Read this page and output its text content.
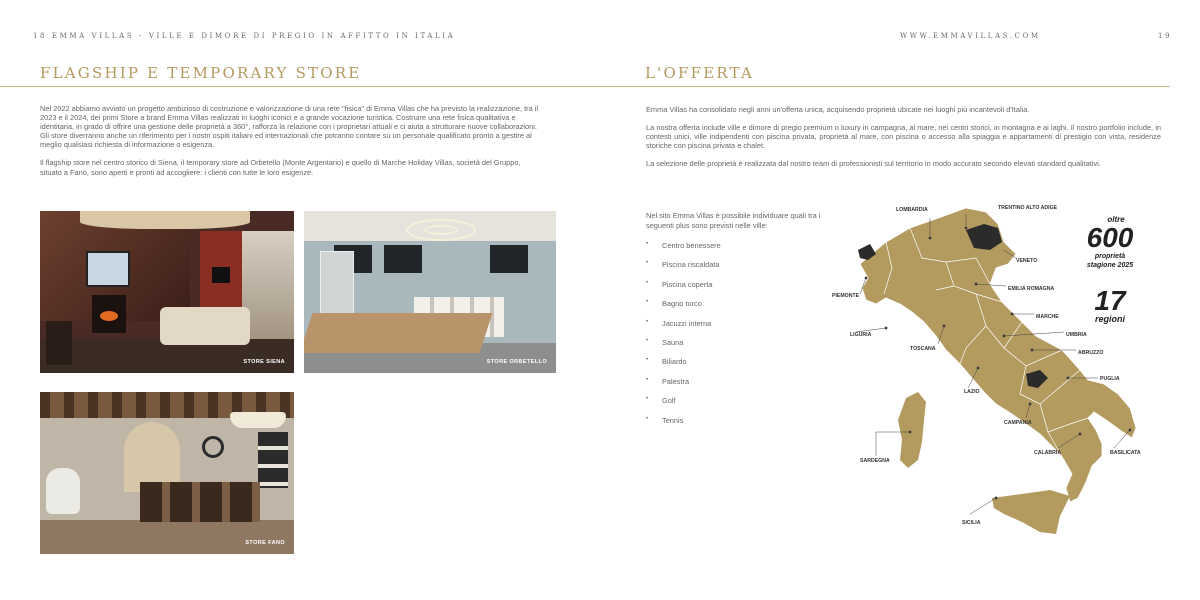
18 EMMA VILLAS - VILLE E DIMORE DI PREGIO IN AFFITTO IN ITALIA
FLAGSHIP E TEMPORARY STORE

Nel 2022 abbiamo avviato un progetto ambizioso di costruzione e valorizzazione di una rete "fisica" di Emma Villas che ha previsto la realizzazione, tra il 2023 e il 2024, dei primi Store a brand Emma Villas realizzati in luoghi iconici e a grande vocazione turistica. Costruire una rete fisica qualitativa e identitaria, in grado di offrire una gestione delle proprietà a 360°, rafforza la relazione con i proprietari attuali e ci aiuta a strutturare nuove collaborazioni. Gli store diverranno anche un riferimento per i nostri ospiti italiani ed internazionali che potranno contare su un personale qualificato pronto a gestire al meglio qualsiasi richiesta di informazione o esigenza.

Il flagship store nel centro storico di Siena, il temporary store ad Orbetello (Monte Argentario) e quello di Marche Holiday Villas, società del Gruppo, situato a Fano, sono aperti e pronti ad accogliere: i clienti con tutte le loro esigenze.

STORE SIENA	STORE ORBETELLO
STORE FANO
WWW.EMMAVILLAS.COM	19
L'OFFERTA

Emma Villas ha consolidato negli anni un'offerta unica, acquisendo proprietà ubicate nei luoghi più incantevoli d'Italia.

La nostra offerta include ville e dimore di pregio premium o luxury in campagna, al mare, nei centri storici, in montagna e ai laghi. Il nostro portfolio include, in contesti unici, ville indipendenti con piscina privata, proprietà al mare, con piscina o accesso alla spiaggia e appartamenti di prestigio con vista, residenze storiche con piscina privata e chalet.

La selezione delle proprietà è realizzata dal nostro team di professionisti sul territorio in modo accurato secondo elevati standard qualitativi.

Nel sito Emma Villas è possibile individuare quali tra i seguenti plus sono previsti nelle ville:
• Centro benessere
• Piscina riscaldata
• Piscina coperta
• Bagno turco
• Jacuzzi interna
• Sauna
• Biliardo
• Palestra
• Golf
• Tennis
LOMBARDIA	TRENTINO ALTO ADIGE
VENETO
PIEMONTE
EMILIA ROMAGNA
LIGURIA
MARCHE
UMBRIA
TOSCANA
ABRUZZO
PUGLIA
LAZIO
CAMPANIA
CALABRIA	BASILICATA
SARDEGNA
SICILIA
oltre
600
proprietà
stagione 2025
17
regioni
